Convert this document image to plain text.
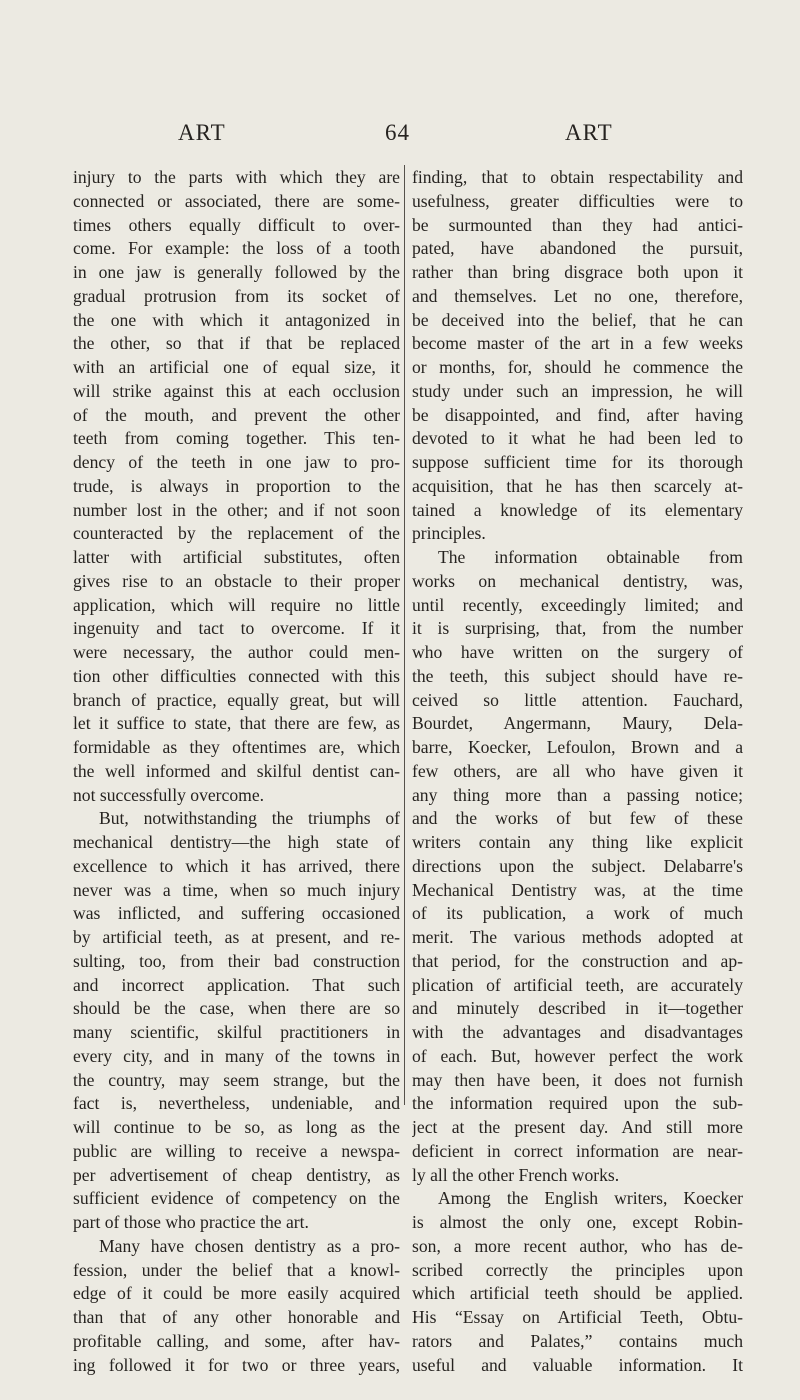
ART	64	ART
injury to the parts with which they are
connected or associated, there are some-
times others equally difficult to over-
come. For example: the loss of a tooth
in one jaw is generally followed by the
gradual protrusion from its socket of
the one with which it antagonized in
the other, so that if that be replaced
with an artificial one of equal size, it
will strike against this at each occlusion
of the mouth, and prevent the other
teeth from coming together. This ten-
dency of the teeth in one jaw to pro-
trude, is always in proportion to the
number lost in the other; and if not soon
counteracted by the replacement of the
latter with artificial substitutes, often
gives rise to an obstacle to their proper
application, which will require no little
ingenuity and tact to overcome. If it
were necessary, the author could men-
tion other difficulties connected with this
branch of practice, equally great, but will
let it suffice to state, that there are few, as
formidable as they oftentimes are, which
the well informed and skilful dentist can-
not successfully overcome.
But, notwithstanding the triumphs of
mechanical dentistry—the high state of
excellence to which it has arrived, there
never was a time, when so much injury
was inflicted, and suffering occasioned
by artificial teeth, as at present, and re-
sulting, too, from their bad construction
and incorrect application. That such
should be the case, when there are so
many scientific, skilful practitioners in
every city, and in many of the towns in
the country, may seem strange, but the
fact is, nevertheless, undeniable, and
will continue to be so, as long as the
public are willing to receive a newspa-
per advertisement of cheap dentistry, as
sufficient evidence of competency on the
part of those who practice the art.
Many have chosen dentistry as a pro-
fession, under the belief that a knowl-
edge of it could be more easily acquired
than that of any other honorable and
profitable calling, and some, after hav-
ing followed it for two or three years,
finding, that to obtain respectability and
usefulness, greater difficulties were to
be surmounted than they had antici-
pated, have abandoned the pursuit,
rather than bring disgrace both upon it
and themselves. Let no one, therefore,
be deceived into the belief, that he can
become master of the art in a few weeks
or months, for, should he commence the
study under such an impression, he will
be disappointed, and find, after having
devoted to it what he had been led to
suppose sufficient time for its thorough
acquisition, that he has then scarcely at-
tained a knowledge of its elementary
principles.
The information obtainable from
works on mechanical dentistry, was,
until recently, exceedingly limited; and
it is surprising, that, from the number
who have written on the surgery of
the teeth, this subject should have re-
ceived so little attention. Fauchard,
Bourdet, Angermann, Maury, Dela-
barre, Koecker, Lefoulon, Brown and a
few others, are all who have given it
any thing more than a passing notice;
and the works of but few of these
writers contain any thing like explicit
directions upon the subject. Delabarre's
Mechanical Dentistry was, at the time
of its publication, a work of much
merit. The various methods adopted at
that period, for the construction and ap-
plication of artificial teeth, are accurately
and minutely described in it—together
with the advantages and disadvantages
of each. But, however perfect the work
may then have been, it does not furnish
the information required upon the sub-
ject at the present day. And still more
deficient in correct information are near-
ly all the other French works.
Among the English writers, Koecker
is almost the only one, except Robin-
son, a more recent author, who has de-
scribed correctly the principles upon
which artificial teeth should be applied.
His “Essay on Artificial Teeth, Obtu-
rators and Palates,” contains much
useful and valuable information. It
